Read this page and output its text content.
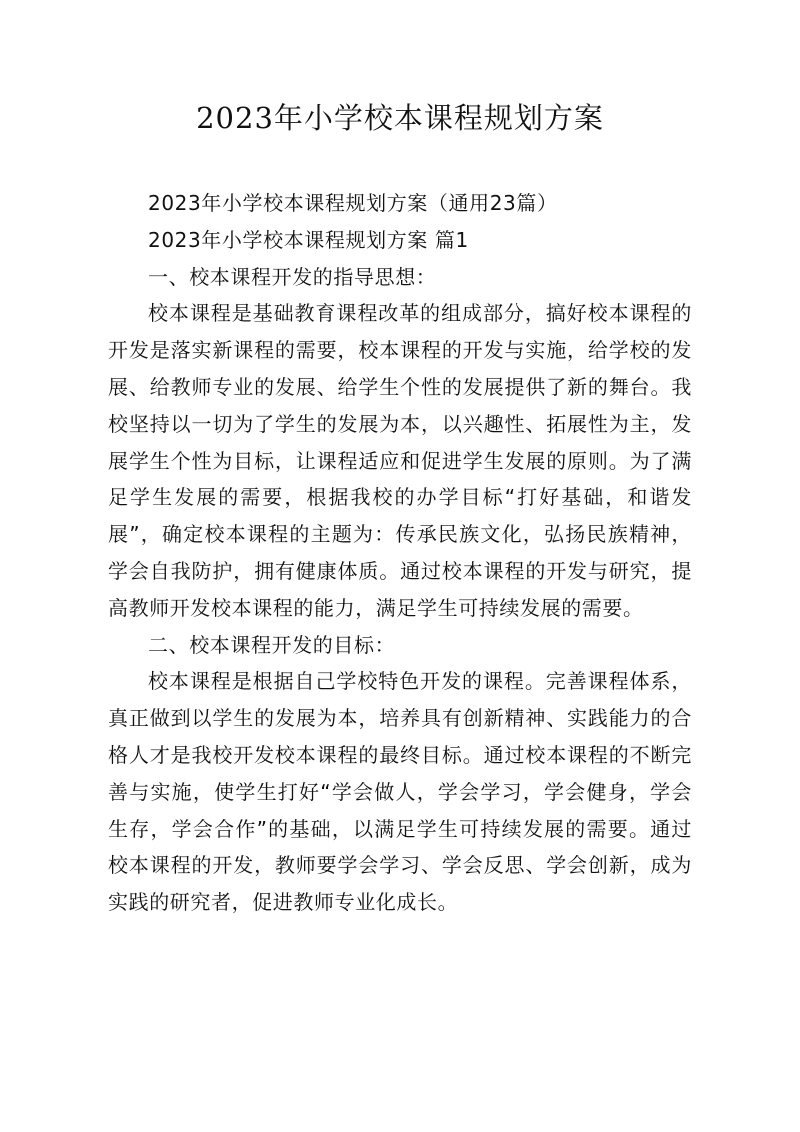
2023年小学校本课程规划方案

2023年小学校本课程规划方案（通用23篇）

2023年小学校本课程规划方案 篇1

一、校本课程开发的指导思想：

校本课程是基础教育课程改革的组成部分，搞好校本课程的开发是落实新课程的需要，校本课程的开发与实施，给学校的发展、给教师专业的发展、给学生个性的发展提供了新的舞台。我校坚持以一切为了学生的发展为本，以兴趣性、拓展性为主，发展学生个性为目标，让课程适应和促进学生发展的原则。为了满足学生发展的需要，根据我校的办学目标“打好基础，和谐发展”，确定校本课程的主题为：传承民族文化，弘扬民族精神，学会自我防护，拥有健康体质。通过校本课程的开发与研究，提高教师开发校本课程的能力，满足学生可持续发展的需要。

二、校本课程开发的目标：

校本课程是根据自己学校特色开发的课程。完善课程体系，真正做到以学生的发展为本，培养具有创新精神、实践能力的合格人才是我校开发校本课程的最终目标。通过校本课程的不断完善与实施，使学生打好“学会做人，学会学习，学会健身，学会生存，学会合作”的基础，以满足学生可持续发展的需要。通过校本课程的开发，教师要学会学习、学会反思、学会创新，成为实践的研究者，促进教师专业化成长。
